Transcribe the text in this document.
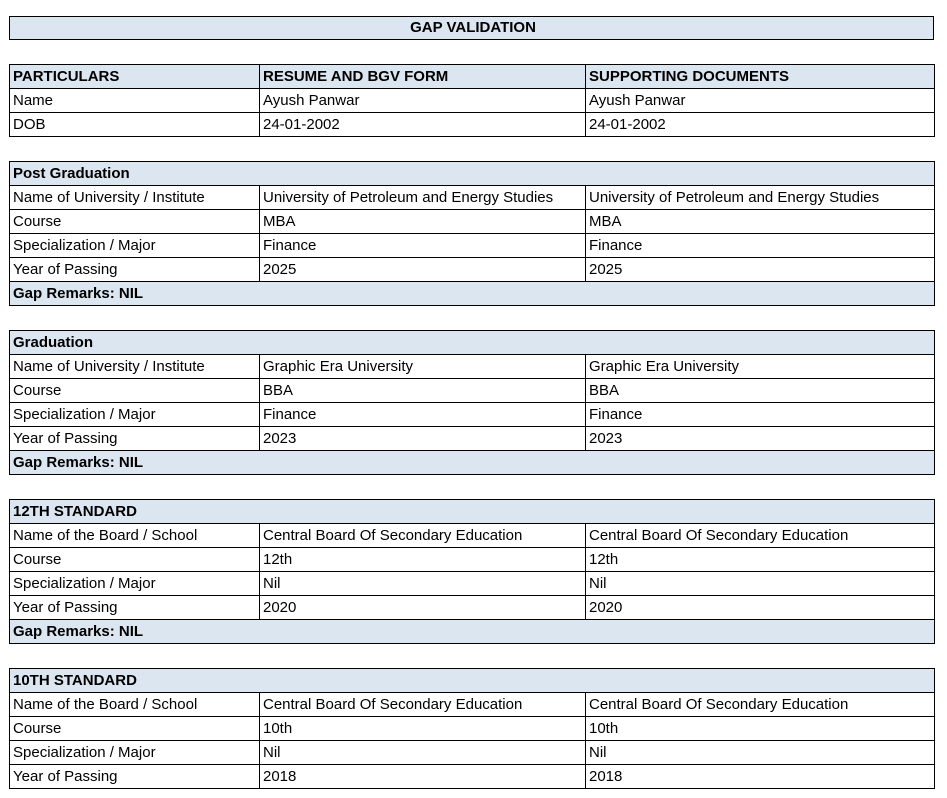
GAP VALIDATION
PARTICULARS	RESUME AND BGV FORM	SUPPORTING DOCUMENTS
Name	Ayush Panwar	Ayush Panwar
DOB	24-01-2002	24-01-2002
Post Graduation		
Name of University / Institute	University of Petroleum and Energy Studies	University of Petroleum and Energy Studies
Course	MBA	MBA
Specialization / Major	Finance	Finance
Year of Passing	2025	2025
Gap Remarks: NIL		
Graduation		
Name of University / Institute	Graphic Era University	Graphic Era University
Course	BBA	BBA
Specialization / Major	Finance	Finance
Year of Passing	2023	2023
Gap Remarks: NIL		
12TH STANDARD		
Name of the Board / School	Central Board Of Secondary Education	Central Board Of Secondary Education
Course	12th	12th
Specialization / Major	Nil	Nil
Year of Passing	2020	2020
Gap Remarks: NIL		
10TH STANDARD		
Name of the Board / School	Central Board Of Secondary Education	Central Board Of Secondary Education
Course	10th	10th
Specialization / Major	Nil	Nil
Year of Passing	2018	2018
